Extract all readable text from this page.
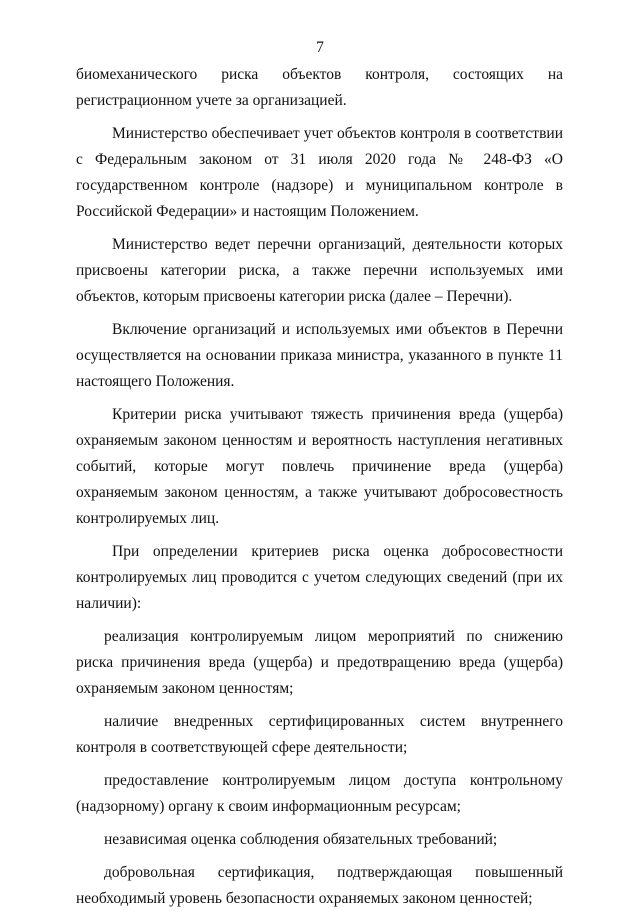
7

биомеханического риска объектов контроля, состоящих на регистрационном учете за организацией.

Министерство обеспечивает учет объектов контроля в соответствии с Федеральным законом от 31 июля 2020 года № 248-ФЗ «О государственном контроле (надзоре) и муниципальном контроле в Российской Федерации» и настоящим Положением.

Министерство ведет перечни организаций, деятельности которых присвоены категории риска, а также перечни используемых ими объектов, которым присвоены категории риска (далее – Перечни).

Включение организаций и используемых ими объектов в Перечни осуществляется на основании приказа министра, указанного в пункте 11 настоящего Положения.

Критерии риска учитывают тяжесть причинения вреда (ущерба) охраняемым законом ценностям и вероятность наступления негативных событий, которые могут повлечь причинение вреда (ущерба) охраняемым законом ценностям, а также учитывают добросовестность контролируемых лиц.

При определении критериев риска оценка добросовестности контролируемых лиц проводится с учетом следующих сведений (при их наличии):

реализация контролируемым лицом мероприятий по снижению риска причинения вреда (ущерба) и предотвращению вреда (ущерба) охраняемым законом ценностям;

наличие внедренных сертифицированных систем внутреннего контроля в соответствующей сфере деятельности;

предоставление контролируемым лицом доступа контрольному (надзорному) органу к своим информационным ресурсам;

независимая оценка соблюдения обязательных требований;

добровольная сертификация, подтверждающая повышенный необходимый уровень безопасности охраняемых законом ценностей;
